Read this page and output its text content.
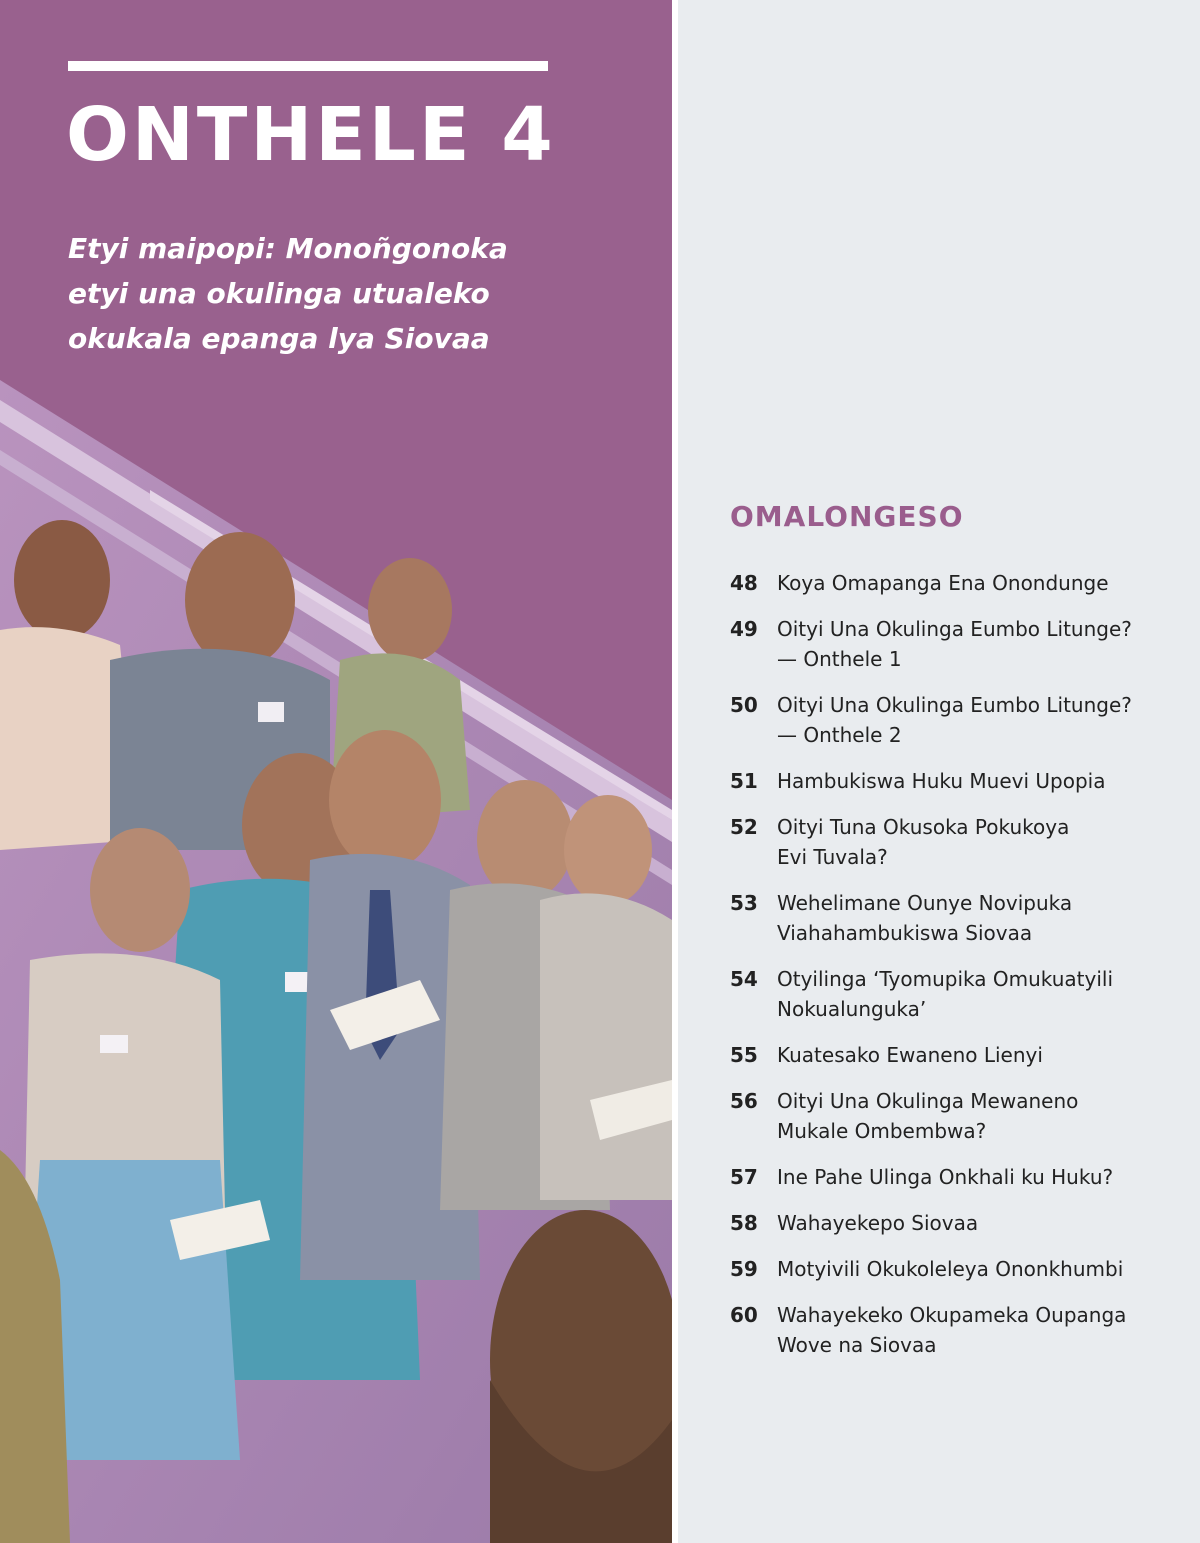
ONTHELE 4

Etyi maipopi: Monoñgonoka etyi una okulinga utualeko okukala epanga lya Siovaa

OMALONGESO
48 Koya Omapanga Ena Onondunge
49 Oityi Una Okulinga Eumbo Litunge?
— Onthele 1
50 Oityi Una Okulinga Eumbo Litunge?
— Onthele 2
51 Hambukiswa Huku Muevi Upopia
52 Oityi Tuna Okusoka Pokukoya
Evi Tuvala?
53 Wehelimane Ounye Novipuka
Viahahambukiswa Siovaa
54 Otyilinga ‘Tyomupika Omukuatyili
Nokualunguka’
55 Kuatesako Ewaneno Lienyi
56 Oityi Una Okulinga Mewaneno
Mukale Ombembwa?
57 Ine Pahe Ulinga Onkhali ku Huku?
58 Wahayekepo Siovaa
59 Motyivili Okukoleleya Ononkhumbi
60 Wahayekeko Okupameka Oupanga
Wove na Siovaa
